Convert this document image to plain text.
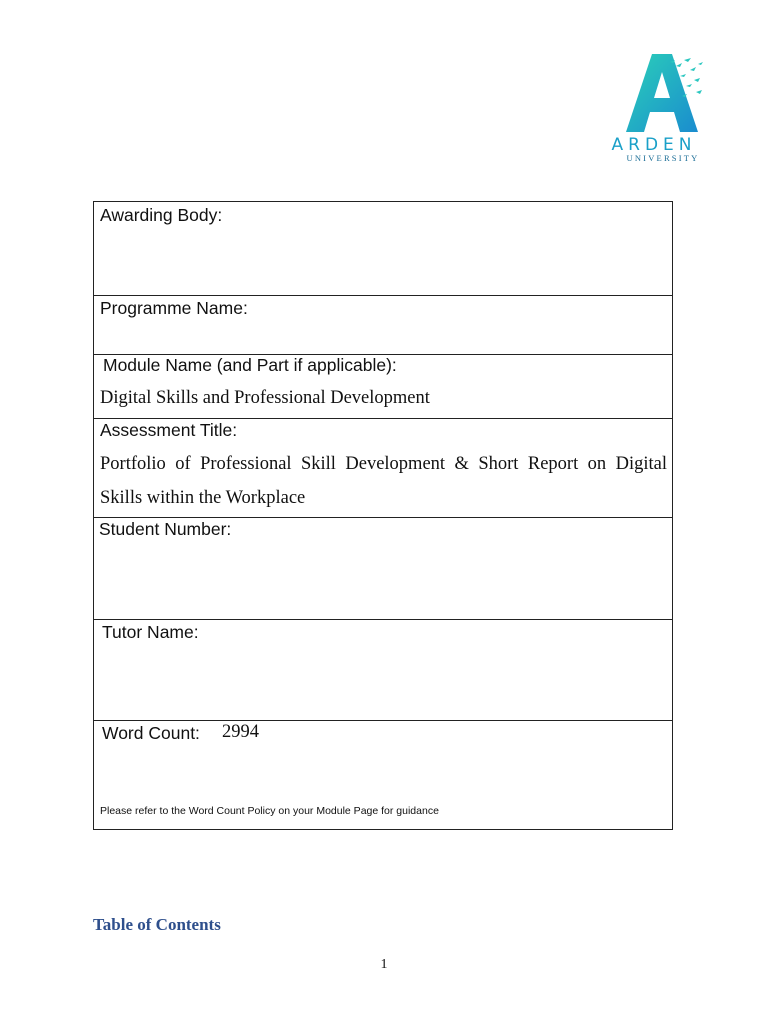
ARDEN
UNIVERSITY
Awarding Body:
Programme Name:
Module Name (and Part if applicable):
Digital Skills and Professional Development
Assessment Title:
Portfolio of Professional Skill Development & Short Report on Digital Skills within the Workplace
Student Number:
Tutor Name:
Word Count: 2994
Please refer to the Word Count Policy on your Module Page for guidance
Table of Contents
1
